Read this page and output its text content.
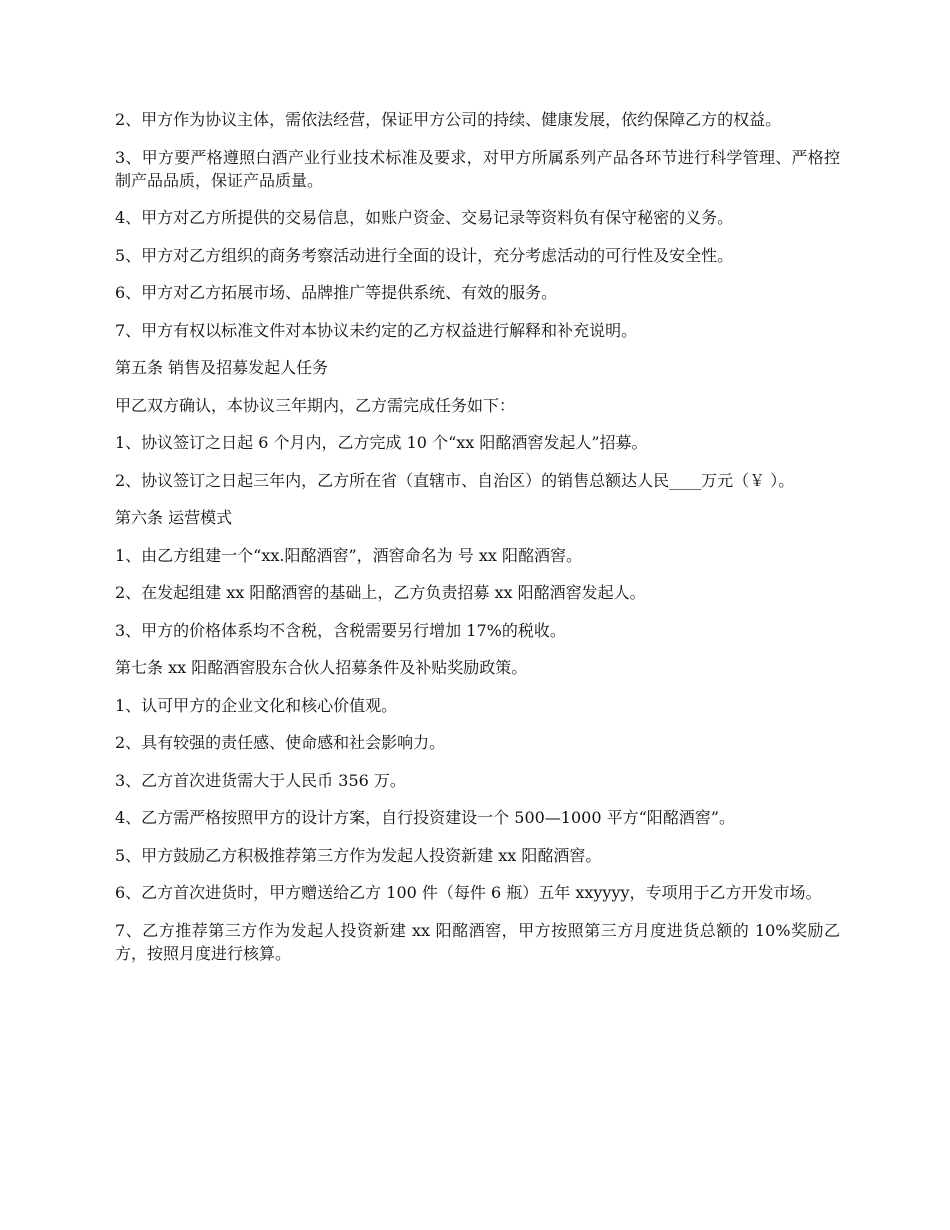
2、甲方作为协议主体，需依法经营，保证甲方公司的持续、健康发展，依约保障乙方的权益。

3、甲方要严格遵照白酒产业行业技术标准及要求，对甲方所属系列产品各环节进行科学管理、严格控制产品品质，保证产品质量。

4、甲方对乙方所提供的交易信息，如账户资金、交易记录等资料负有保守秘密的义务。

5、甲方对乙方组织的商务考察活动进行全面的设计，充分考虑活动的可行性及安全性。

6、甲方对乙方拓展市场、品牌推广等提供系统、有效的服务。

7、甲方有权以标准文件对本协议未约定的乙方权益进行解释和补充说明。

第五条 销售及招募发起人任务

甲乙双方确认，本协议三年期内，乙方需完成任务如下：

1、协议签订之日起 6 个月内，乙方完成 10 个“xx 阳酩酒窖发起人”招募。

2、协议签订之日起三年内，乙方所在省（直辖市、自治区）的销售总额达人民____万元（￥ ）。

第六条 运营模式

1、由乙方组建一个“xx.阳酩酒窖”，酒窖命名为 号 xx 阳酩酒窖。

2、在发起组建 xx 阳酩酒窖的基础上，乙方负责招募 xx 阳酩酒窖发起人。

3、甲方的价格体系均不含税，含税需要另行增加 17%的税收。

第七条 xx 阳酩酒窖股东合伙人招募条件及补贴奖励政策。

1、认可甲方的企业文化和核心价值观。

2、具有较强的责任感、使命感和社会影响力。

3、乙方首次进货需大于人民币 356 万。

4、乙方需严格按照甲方的设计方案，自行投资建设一个 500—1000 平方“阳酩酒窖”。

5、甲方鼓励乙方积极推荐第三方作为发起人投资新建 xx 阳酩酒窖。

6、乙方首次进货时，甲方赠送给乙方 100 件（每件 6 瓶）五年 xxyyyy，专项用于乙方开发市场。

7、乙方推荐第三方作为发起人投资新建 xx 阳酩酒窖，甲方按照第三方月度进货总额的 10%奖励乙方，按照月度进行核算。
